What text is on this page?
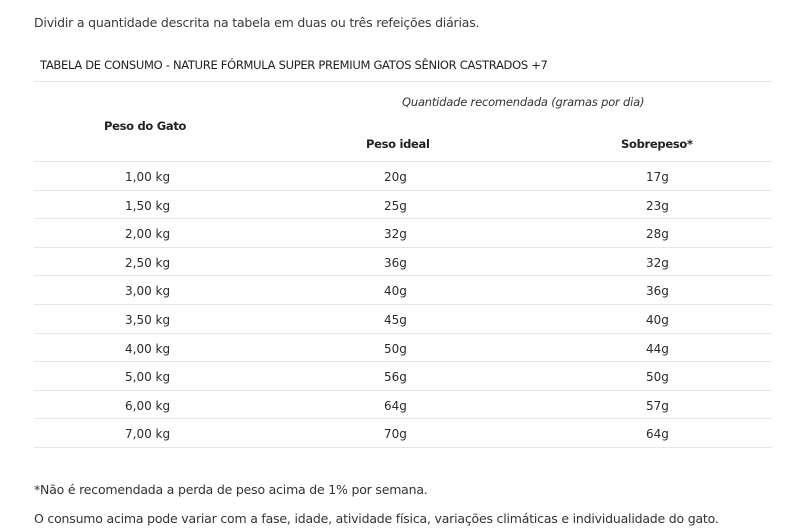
Dividir a quantidade descrita na tabela em duas ou três refeições diárias.
TABELA DE CONSUMO - NATURE FÓRMULA SUPER PREMIUM GATOS SÊNIOR CASTRADOS +7
Quantidade recomendada (gramas por dia)
Peso do Gato
Peso ideal	Sobrepeso*
1,00 kg	20g	17g
1,50 kg	25g	23g
2,00 kg	32g	28g
2,50 kg	36g	32g
3,00 kg	40g	36g
3,50 kg	45g	40g
4,00 kg	50g	44g
5,00 kg	56g	50g
6,00 kg	64g	57g
7,00 kg	70g	64g
*Não é recomendada a perda de peso acima de 1% por semana.
O consumo acima pode variar com a fase, idade, atividade física, variações climáticas e individualidade do gato.
